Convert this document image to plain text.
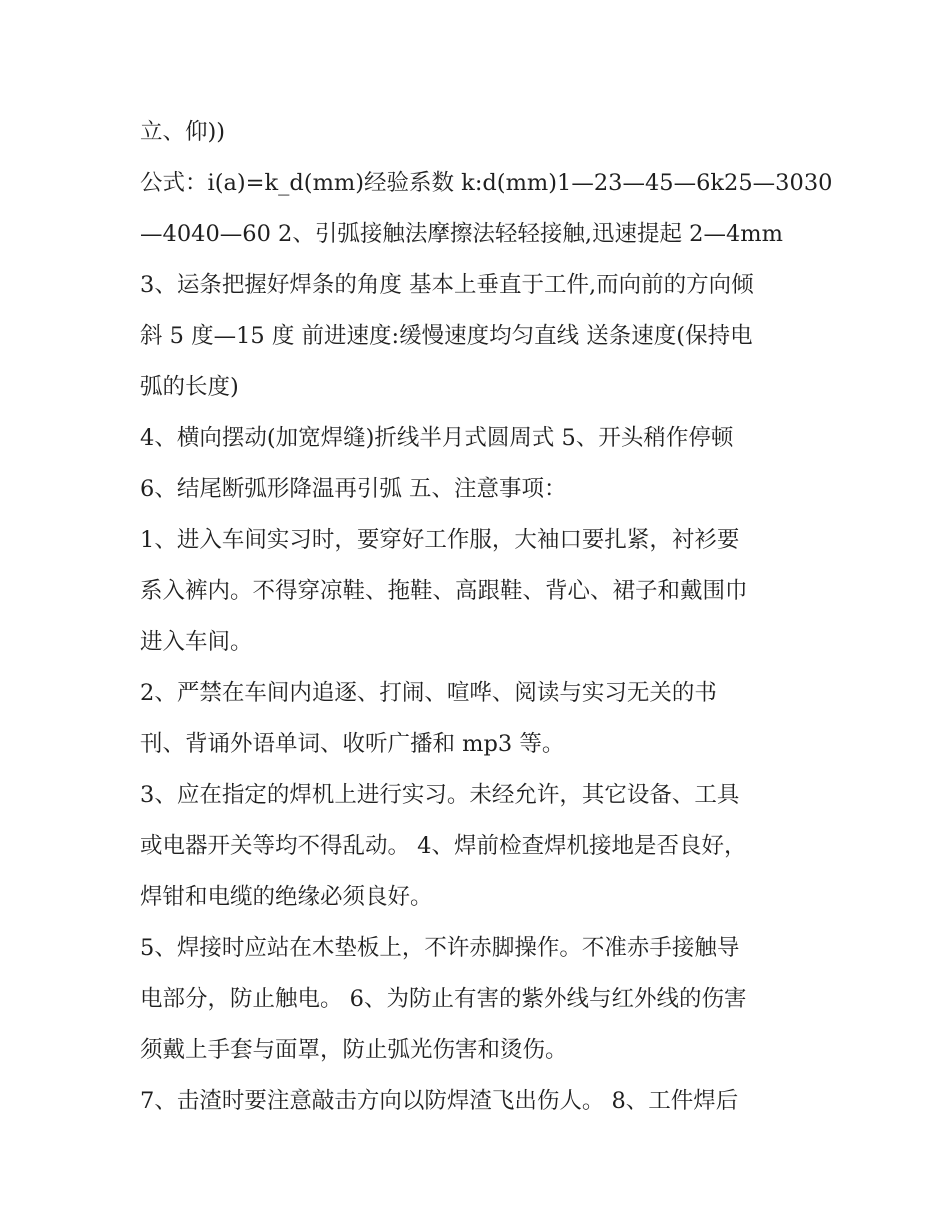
立、仰))
公式：i(a)=k_d(mm)经验系数 k:d(mm)1—23—45—6k25—3030
—4040—60 2、引弧接触法摩擦法轻轻接触,迅速提起 2—4mm
3、运条把握好焊条的角度 基本上垂直于工件,而向前的方向倾
斜 5 度—15 度 前进速度:缓慢速度均匀直线 送条速度(保持电
弧的长度)
4、横向摆动(加宽焊缝)折线半月式圆周式 5、开头稍作停顿
6、结尾断弧形降温再引弧 五、注意事项：
1、进入车间实习时，要穿好工作服，大袖口要扎紧，衬衫要
系入裤内。不得穿凉鞋、拖鞋、高跟鞋、背心、裙子和戴围巾
进入车间。
2、严禁在车间内追逐、打闹、喧哗、阅读与实习无关的书
刊、背诵外语单词、收听广播和 mp3 等。
3、应在指定的焊机上进行实习。未经允许，其它设备、工具
或电器开关等均不得乱动。 4、焊前检查焊机接地是否良好，
焊钳和电缆的绝缘必须良好。
5、焊接时应站在木垫板上，不许赤脚操作。不准赤手接触导
电部分，防止触电。 6、为防止有害的紫外线与红外线的伤害
须戴上手套与面罩，防止弧光伤害和烫伤。
7、击渣时要注意敲击方向以防焊渣飞出伤人。 8、工件焊后
